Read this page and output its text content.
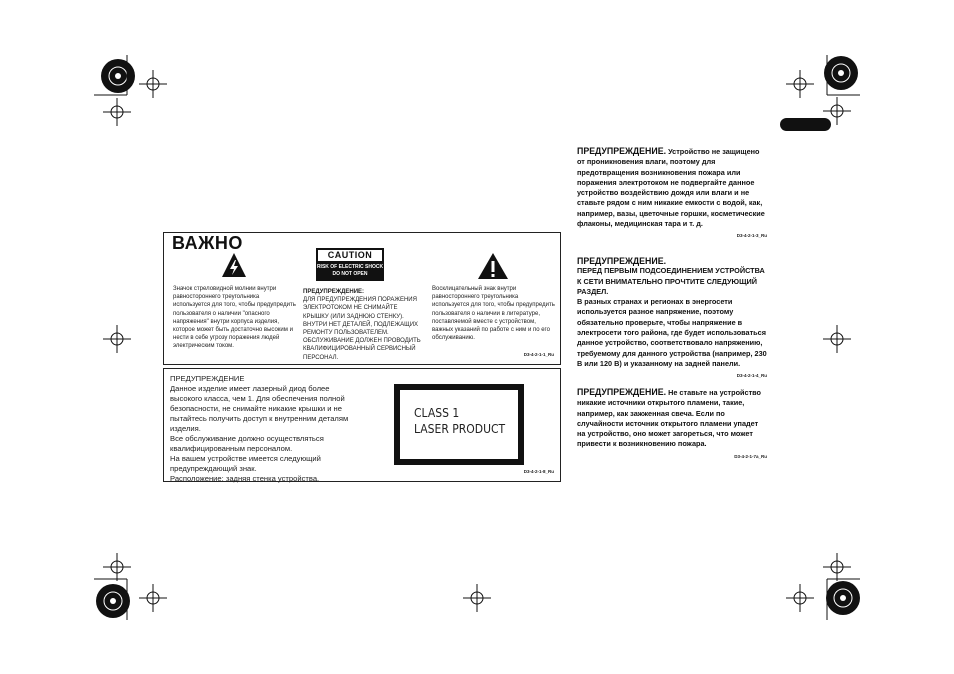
ВАЖНО
CAUTION
RISK OF ELECTRIC SHOCK
DO NOT OPEN
Значок стреловидной молнии внутри равностороннего треугольника используется для того, чтобы предупредить пользователя о наличии "опасного напряжения" внутри корпуса изделия, которое может быть достаточно высоким и нести в себе угрозу поражения людей электрическим током.
ПРЕДУПРЕЖДЕНИЕ:
ДЛЯ ПРЕДУПРЕЖДЕНИЯ ПОРАЖЕНИЯ ЭЛЕКТРОТОКОМ НЕ СНИМАЙТЕ КРЫШКУ (ИЛИ ЗАДНЮЮ СТЕНКУ). ВНУТРИ НЕТ ДЕТАЛЕЙ, ПОДЛЕЖАЩИХ РЕМОНТУ ПОЛЬЗОВАТЕЛЕМ. ОБСЛУЖИВАНИЕ ДОЛЖЕН ПРОВОДИТЬ КВАЛИФИЦИРОВАННЫЙ СЕРВИСНЫЙ ПЕРСОНАЛ.
Восклицательный знак внутри равностороннего треугольника используется для того, чтобы предупредить пользователя о наличии в литературе, поставляемой вместе с устройством, важных указаний по работе с ним и по его обслуживанию.
D3-4-2-1-1_Ru
ПРЕДУПРЕЖДЕНИЕ
Данное изделие имеет лазерный диод более высокого класса, чем 1. Для обеспечения полной безопасности, не снимайте никакие крышки и не пытайтесь получить доступ к внутренним деталям изделия.
Все обслуживание должно осуществляться квалифицированным персоналом.
На вашем устройстве имеется следующий предупреждающий знак.
Расположение: задняя стенка устройства.
CLASS 1
LASER PRODUCT
D3-4-2-1-8_Ru
ПРЕДУПРЕЖДЕНИЕ. Устройство не защищено от проникновения влаги, поэтому для предотвращения возникновения пожара или поражения электротоком не подвергайте данное устройство воздействию дождя или влаги и не ставьте рядом с ним никакие емкости с водой, как, например, вазы, цветочные горшки, косметические флаконы, медицинская тара и т. д.
D3-4-2-1-3_Ru
ПРЕДУПРЕЖДЕНИЕ.
ПЕРЕД ПЕРВЫМ ПОДСОЕДИНЕНИЕМ УСТРОЙСТВА К СЕТИ ВНИМАТЕЛЬНО ПРОЧТИТЕ СЛЕДУЮЩИЙ РАЗДЕЛ.
В разных странах и регионах в энергосети используется разное напряжение, поэтому обязательно проверьте, чтобы напряжение в электросети того района, где будет использоваться данное устройство, соответствовало напряжению, требуемому для данного устройства (например, 230 В или 120 В) и указанному на задней панели.
D3-4-2-1-4_Ru
ПРЕДУПРЕЖДЕНИЕ. Не ставьте на устройство никакие источники открытого пламени, такие, например, как зажженная свеча. Если по случайности источник открытого пламени упадет на устройство, оно может загореться, что может привести к возникновению пожара.
D3-4-2-1-7a_Ru
